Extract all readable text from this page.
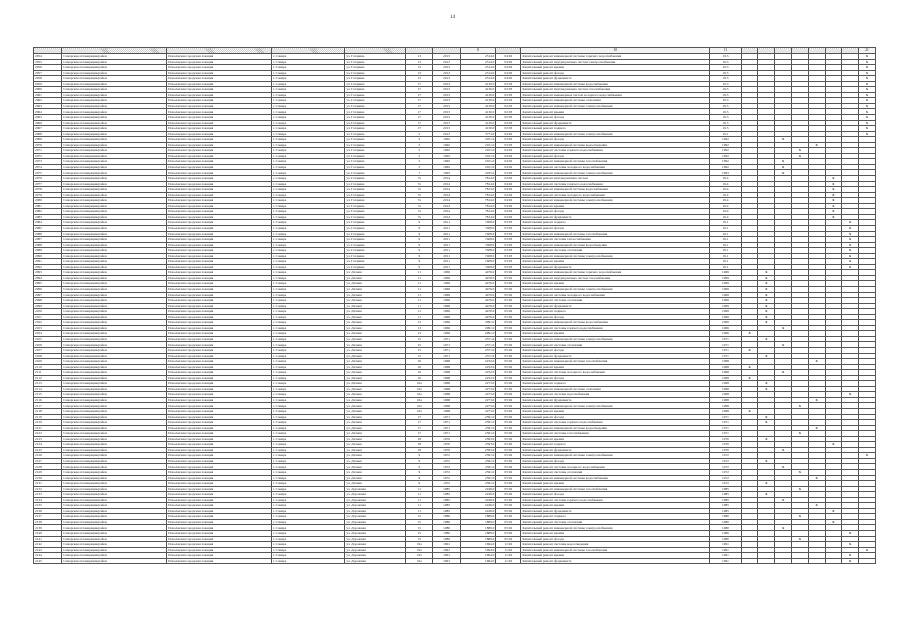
14
							8		10	11								21
2054	Самарская агломерация/район	Поволжская городская локация	г. Самара	ул. Гагарина	13	2013	2314.0	04:02	Капитальный ремонт инженерной системы горячего водоснабжения	19.3								X
2055	Самарская агломерация/район	Поволжская городская локация	г. Самара	ул. Гагарина	13	2013	2314.0	04:02	Капитальный ремонт внутридомовых систем электроснабжения	19.3								X
2056	Самарская агломерация/район	Поволжская городская локация	г. Самара	ул. Гагарина	13	2013	2314.0	04:02	Капитальный ремонт крыши	19.3								X
2057	Самарская агломерация/район	Поволжская городская локация	г. Самара	ул. Гагарина	13	2013	2314.0	04:02	Капитальный ремонт фасада	19.3								X
2058	Самарская агломерация/район	Поволжская городская локация	г. Самара	ул. Гагарина	13	2013	2314.0	04:02	Капитальный ремонт фундамента	19.3								X
2059	Самарская агломерация/район	Поволжская городская локация	г. Самара	ул. Гагарина	17	2013	4130.0	02:03	Капитальный ремонт инженерной системы водоснабжения	19.3								X
2060	Самарская агломерация/район	Поволжская городская локация	г. Самара	ул. Гагарина	17	2013	4130.0	02:03	Капитальный ремонт внутридомовых систем газоснабжения	19.3								X
2061	Самарская агломерация/район	Поволжская городская локация	г. Самара	ул. Гагарина	17	2013	4130.0	02:03	Капитальный ремонт инженерных систем холодного водоснабжения	19.3								X
2062	Самарская агломерация/район	Поволжская городская локация	г. Самара	ул. Гагарина	17	2013	4130.0	02:03	Капитальный ремонт инженерной системы отопления	19.3								X
2063	Самарская агломерация/район	Поволжская городская локация	г. Самара	ул. Гагарина	17	2013	4130.0	02:03	Капитальный ремонт инженерной системы электроснабжения	19.3								X
2064	Самарская агломерация/район	Поволжская городская локация	г. Самара	ул. Гагарина	17	2013	4130.0	02:03	Капитальный ремонт крыши	19.3								X
2065	Самарская агломерация/район	Поволжская городская локация	г. Самара	ул. Гагарина	17	2013	4130.0	02:03	Капитальный ремонт фасада	19.3								X
2066	Самарская агломерация/район	Поволжская городская локация	г. Самара	ул. Гагарина	17	2013	4130.0	02:03	Капитальный ремонт фундамента	19.3								X
2067	Самарская агломерация/район	Поволжская городская локация	г. Самара	ул. Гагарина	17	2013	4130.0	02:03	Капитальный ремонт подвала	19.3								X
2068	Самарская агломерация/район	Поволжская городская локация	г. Самара	ул. Гагарина	5	2013	3773.0	04:02	Капитальный ремонт инженерной системы электроснабжения	19.1								X
2069	Самарская агломерация/район	Поволжская городская локация	г. Самара	ул. Гагарина	5	1992	2101.0	03:03	Капитальный ремонт фасада	1992			X					
2070	Самарская агломерация/район	Поволжская городская локация	г. Самара	ул. Гагарина	5	1992	2101.0	03:03	Капитальный ремонт инженерной системы водоотведения	1992					X			
2071	Самарская агломерация/район	Поволжская городская локация	г. Самара	ул. Гагарина	5	1992	2101.0	04:02	Капитальный ремонт системы горячего водоснабжения	1992				X				
2072	Самарская агломерация/район	Поволжская городская локация	г. Самара	ул. Гагарина	5	1992	2101.0	04:02	Капитальный ремонт фасада	1992				X				
2073	Самарская агломерация/район	Поволжская городская локация	г. Самара	ул. Гагарина	5	1992	2101.0	04:02	Капитальный ремонт инженерной системы газоснабжения	1992			X					
2074	Самарская агломерация/район	Поволжская городская локация	г. Самара	ул. Гагарина	5	1992	2101.0	04:02	Капитальный ремонт системы холодного водоснабжения	1992			X					
2075	Самарская агломерация/район	Поволжская городская локация	г. Самара	ул. Гагарина	7	1993	2185.0	03:03	Капитальный ремонт инженерной системы электроснабжения	1993			X					
2076	Самарская агломерация/район	Поволжская городская локация	г. Самара	ул. Гагарина	7a	2014	7814.0	04:02	Капитальный ремонт внутридомовых систем	19.4						X		
2077	Самарская агломерация/район	Поволжская городская локация	г. Самара	ул. Гагарина	7a	2014	7814.0	04:02	Капитальный ремонт системы горячего водоснабжения	19.4						X		
2078	Самарская агломерация/район	Поволжская городская локация	г. Самара	ул. Гагарина	7a	2014	7814.0	04:02	Капитальный ремонт инженерной системы водоснабжения	19.4						X		
2079	Самарская агломерация/район	Поволжская городская локация	г. Самара	ул. Гагарина	7a	2014	7814.0	04:02	Капитальный ремонт системы холодного водоснабжения	19.4						X		
2080	Самарская агломерация/район	Поволжская городская локация	г. Самара	ул. Гагарина	7a	2014	7814.0	04:02	Капитальный ремонт инженерной системы электроснабжения	19.4						X		
2081	Самарская агломерация/район	Поволжская городская локация	г. Самара	ул. Гагарина	7a	2014	7814.0	04:02	Капитальный ремонт крыши	19.4						X		
2082	Самарская агломерация/район	Поволжская городская локация	г. Самара	ул. Гагарина	7a	2014	7814.0	04:02	Капитальный ремонт фасада	19.4						X		
2083	Самарская агломерация/район	Поволжская городская локация	г. Самара	ул. Гагарина	7a	2014	7814.0	04:02	Капитальный ремонт фундамента	19.4						X		
2084	Самарская агломерация/район	Поволжская городская локация	г. Самара	ул. Гагарина	9	2011	7408.0	03:03	Капитальный ремонт подвала	19.1							X	
2085	Самарская агломерация/район	Поволжская городская локация	г. Самара	ул. Гагарина	9	2011	7408.0	03:03	Капитальный ремонт фасада	19.1							X	
2086	Самарская агломерация/район	Поволжская городская локация	г. Самара	ул. Гагарина	9	2011	7408.0	03:03	Капитальный ремонт инженерной системы газоснабжения	19.1							X	
2087	Самарская агломерация/район	Поволжская городская локация	г. Самара	ул. Гагарина	9	2011	7408.0	03:03	Капитальный ремонт системы теплоснабжения	19.1							X	
2088	Самарская агломерация/район	Поволжская городская локация	г. Самара	ул. Гагарина	9	2011	7408.0	03:03	Капитальный ремонт инженерной системы водоотведения	19.1							X	
2089	Самарская агломерация/район	Поволжская городская локация	г. Самара	ул. Гагарина	9	2011	7408.0	03:03	Капитальный ремонт системы отопления	19.1							X	
2090	Самарская агломерация/район	Поволжская городская локация	г. Самара	ул. Гагарина	9	2011	7408.0	03:03	Капитальный ремонт инженерной системы электроснабжения	19.1							X	
2091	Самарская агломерация/район	Поволжская городская локация	г. Самара	ул. Гагарина	9	2011	7408.0	03:03	Капитальный ремонт крыши	19.1							X	
2092	Самарская агломерация/район	Поволжская городская локация	г. Самара	ул. Гагарина	9	2011	7408.0	03:03	Капитальный ремонт фундамента	19.1							X	
2093	Самарская агломерация/район	Поволжская городская локация	г. Самара	ул. Дачная	11	1969	4476.0	05:02	Капитальный ремонт инженерной системы горячего водоснабжения	1969		X						
2094	Самарская агломерация/район	Поволжская городская локация	г. Самара	ул. Дачная	11	1969	4476.0	05:02	Капитальный ремонт внутридомовых систем газоснабжения	1969		X						
2095	Самарская агломерация/район	Поволжская городская локация	г. Самара	ул. Дачная	11	1969	4476.0	05:02	Капитальный ремонт крыши	1969		X						
2096	Самарская агломерация/район	Поволжская городская локация	г. Самара	ул. Дачная	11	1969	4476.0	05:02	Капитальный ремонт инженерной системы электроснабжения	1969		X						
2097	Самарская агломерация/район	Поволжская городская локация	г. Самара	ул. Дачная	11	1969	4476.0	05:02	Капитальный ремонт системы холодного водоснабжения	1969		X						
2098	Самарская агломерация/район	Поволжская городская локация	г. Самара	ул. Дачная	11	1969	4476.0	05:02	Капитальный ремонт системы отопления	1969		X						
2099	Самарская агломерация/район	Поволжская городская локация	г. Самара	ул. Дачная	11	1969	4476.0	05:02	Капитальный ремонт фундамента	1969		X						
2100	Самарская агломерация/район	Поволжская городская локация	г. Самара	ул. Дачная	11	1969	4476.0	05:02	Капитальный ремонт подвала	1969		X						
2101	Самарская агломерация/район	Поволжская городская локация	г. Самара	ул. Дачная	11	1969	4476.0	05:02	Капитальный ремонт фасада	1969		X						
2102	Самарская агломерация/район	Поволжская городская локация	г. Самара	ул. Дачная	13	1966	2991.0	05:02	Капитальный ремонт инженерной системы водоснабжения	1966		X						
2103	Самарская агломерация/район	Поволжская городская локация	г. Самара	ул. Дачная	13	1966	2991.0	05:02	Капитальный ремонт системы горячего водоснабжения	1966			X					
2104	Самарская агломерация/район	Поволжская городская локация	г. Самара	ул. Дачная	13	1966	2991.0	05:02	Капитальный ремонт крыши	1966	X							
2105	Самарская агломерация/район	Поволжская городская локация	г. Самара	ул. Дачная	15	1971	2371.0	05:02	Капитальный ремонт инженерной системы электроснабжения	1971		X						
2106	Самарская агломерация/район	Поволжская городская локация	г. Самара	ул. Дачная	15	1971	2371.0	05:02	Капитальный ремонт системы отопления	1971			X					
2107	Самарская агломерация/район	Поволжская городская локация	г. Самара	ул. Дачная	15	1971	2371.0	05:02	Капитальный ремонт фасада	1971	X							
2108	Самарская агломерация/район	Поволжская городская локация	г. Самара	ул. Дачная	15	1971	2371.0	05:02	Капитальный ремонт фундамента	1971		X						
2109	Самарская агломерация/район	Поволжская городская локация	г. Самара	ул. Дачная	16	1968	2232.0	05:02	Капитальный ремонт инженерной системы газоснабжения	1968					X			
2110	Самарская агломерация/район	Поволжская городская локация	г. Самара	ул. Дачная	16	1968	2232.0	05:02	Капитальный ремонт крыши	1968	X							
2111	Самарская агломерация/район	Поволжская городская локация	г. Самара	ул. Дачная	16	1968	2232.0	05:02	Капитальный ремонт системы холодного водоснабжения	1968			X					
2112	Самарская агломерация/район	Поволжская городская локация	г. Самара	ул. Дачная	16	1968	2232.0	05:02	Капитальный ремонт фасада	1968	X							
2113	Самарская агломерация/район	Поволжская городская локация	г. Самара	ул. Дачная	16a	1968	2273.0	05:02	Капитальный ремонт подвала	1968		X						
2114	Самарская агломерация/район	Поволжская городская локация	г. Самара	ул. Дачная	16a	1968	2273.0	05:02	Капитальный ремонт инженерной системы отопления	1968		X						
2115	Самарская агломерация/район	Поволжская городская локация	г. Самара	ул. Дачная	16a	1968	2273.0	05:02	Капитальный ремонт системы водоснабжения	1968							X	
2116	Самарская агломерация/район	Поволжская городская локация	г. Самара	ул. Дачная	16a	1968	2273.0	05:02	Капитальный ремонт фундамента	1968					X			
2117	Самарская агломерация/район	Поволжская городская локация	г. Самара	ул. Дачная	16a	1968	2273.0	05:02	Капитальный ремонт инженерной системы электроснабжения	1968				X				
2118	Самарская агломерация/район	Поволжская городская локация	г. Самара	ул. Дачная	16a	1968	2273.0	05:02	Капитальный ремонт крыши	1968	X							
2119	Самарская агломерация/район	Поволжская городская локация	г. Самара	ул. Дачная	17	1971	2591.0	05:02	Капитальный ремонт фасада	1971		X						
2120	Самарская агломерация/район	Поволжская городская локация	г. Самара	ул. Дачная	17	1971	2591.0	05:02	Капитальный ремонт системы горячего водоснабжения	1971		X						
2121	Самарская агломерация/район	Поволжская городская локация	г. Самара	ул. Дачная	17	1971	2591.0	05:02	Капитальный ремонт инженерной системы водоотведения	1971					X			
2122	Самарская агломерация/район	Поволжская городская локация	г. Самара	ул. Дачная	17	1971	2591.0	05:02	Капитальный ремонт системы газоснабжения	1971				X				
2123	Самарская агломерация/район	Поволжская городская локация	г. Самара	ул. Дачная	18	1970	2593.0	05:02	Капитальный ремонт крыши	1970		X						
2124	Самарская агломерация/район	Поволжская городская локация	г. Самара	ул. Дачная	18	1970	2593.0	05:02	Капитальный ремонт подвала	1970						X		
2125	Самарская агломерация/район	Поволжская городская локация	г. Самара	ул. Дачная	18	1970	2593.0	05:02	Капитальный ремонт фундамента	1970			X					
2126	Самарская агломерация/район	Поволжская городская локация	г. Самара	ул. Дачная	9	1972	2591.0	05:02	Капитальный ремонт инженерной системы электроснабжения	1972								X
2127	Самарская агломерация/район	Поволжская городская локация	г. Самара	ул. Дачная	9	1972	2591.0	05:02	Капитальный ремонт фасада	1972		X						
2128	Самарская агломерация/район	Поволжская городская локация	г. Самара	ул. Дачная	9	1972	2591.0	05:02	Капитальный ремонт системы холодного водоснабжения	1972			X					
2129	Самарская агломерация/район	Поволжская городская локация	г. Самара	ул. Дачная	9	1972	2591.0	05:02	Капитальный ремонт системы отопления	1972				X				
2130	Самарская агломерация/район	Поволжская городская локация	г. Самара	ул. Дачная	9	1972	2591.0	05:02	Капитальный ремонт инженерной системы водоснабжения	1972					X			
2131	Самарская агломерация/район	Поволжская городская локация	г. Самара	ул. Дачная	9	1972	2591.0	05:02	Капитальный ремонт крыши	1972		X						
2132	Самарская агломерация/район	Поволжская городская локация	г. Самара	ул. Дорожная	11	1985	2246.0	05:02	Капитальный ремонт инженерной системы газоснабжения	1985				X				
2133	Самарская агломерация/район	Поволжская городская локация	г. Самара	ул. Дорожная	11	1985	2246.0	05:02	Капитальный ремонт фасада	1985		X						
2134	Самарская агломерация/район	Поволжская городская локация	г. Самара	ул. Дорожная	11	1985	2246.0	05:02	Капитальный ремонт системы горячего водоснабжения	1985			X					
2135	Самарская агломерация/район	Поволжская городская локация	г. Самара	ул. Дорожная	11	1985	2246.0	05:02	Капитальный ремонт крыши	1985					X			
2136	Самарская агломерация/район	Поволжская городская локация	г. Самара	ул. Дорожная	11	1985	2246.0	05:02	Капитальный ремонт фундамента	1985						X		
2137	Самарская агломерация/район	Поволжская городская локация	г. Самара	ул. Дорожная	15	1980	1889.0	05:02	Капитальный ремонт подвала	1980				X				
2138	Самарская агломерация/район	Поволжская городская локация	г. Самара	ул. Дорожная	15	1980	1889.0	05:02	Капитальный ремонт системы отопления	1980						X		
2139	Самарская агломерация/район	Поволжская городская локация	г. Самара	ул. Дорожная	15	1980	1889.0	05:02	Капитальный ремонт инженерной системы электроснабжения	1980			X					
2140	Самарская агломерация/район	Поволжская городская локация	г. Самара	ул. Дорожная	15	1980	1889.0	05:02	Капитальный ремонт крыши	1980							X	
2141	Самарская агломерация/район	Поволжская городская локация	г. Самара	ул. Дорожная	15	1980	1889.0	05:02	Капитальный ремонт фасада	1980				X				
2142	Самарская агломерация/район	Поволжская городская локация	г. Самара	ул. Дорожная	19a	1991	1694.0	11:02	Капитальный ремонт системы водоотведения	1991							X	
2143	Самарская агломерация/район	Поволжская городская локация	г. Самара	ул. Дорожная	19a	1991	1694.0	11:02	Капитальный ремонт инженерной системы газоснабжения	1991								X
2144	Самарская агломерация/район	Поволжская городская локация	г. Самара	ул. Дорожная	19a	1991	1694.0	11:02	Капитальный ремонт крыши	1991							X	
2145	Самарская агломерация/район	Поволжская городская локация	г. Самара	ул. Дорожная	19a	1991	1694.0	11:02	Капитальный ремонт фундамента	1991							X	
